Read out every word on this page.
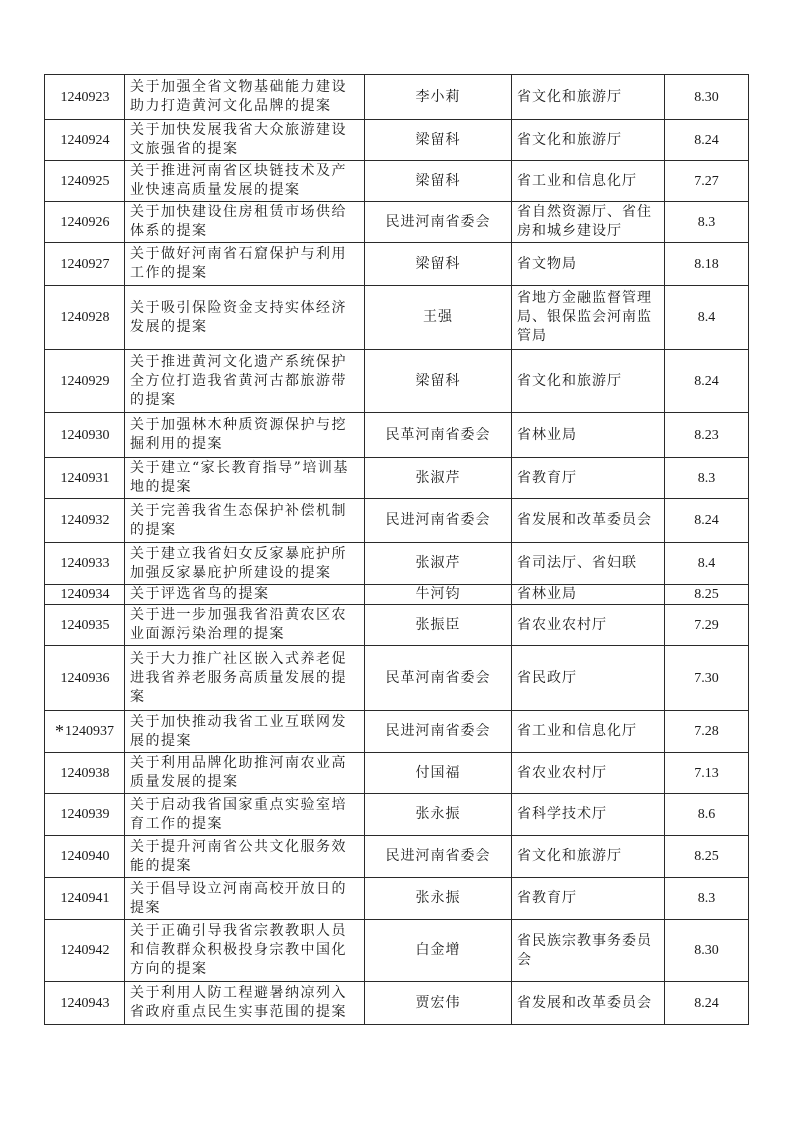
1240923	关于加强全省文物基础能力建设助力打造黄河文化品牌的提案	李小莉	省文化和旅游厅	8.30
1240924	关于加快发展我省大众旅游建设文旅强省的提案	梁留科	省文化和旅游厅	8.24
1240925	关于推进河南省区块链技术及产业快速高质量发展的提案	梁留科	省工业和信息化厅	7.27
1240926	关于加快建设住房租赁市场供给体系的提案	民进河南省委会	省自然资源厅、省住房和城乡建设厅	8.3
1240927	关于做好河南省石窟保护与利用工作的提案	梁留科	省文物局	8.18
1240928	关于吸引保险资金支持实体经济发展的提案	王强	省地方金融监督管理局、银保监会河南监管局	8.4
1240929	关于推进黄河文化遗产系统保护全方位打造我省黄河古都旅游带的提案	梁留科	省文化和旅游厅	8.24
1240930	关于加强林木种质资源保护与挖掘利用的提案	民革河南省委会	省林业局	8.23
1240931	关于建立“家长教育指导”培训基地的提案	张淑芹	省教育厅	8.3
1240932	关于完善我省生态保护补偿机制的提案	民进河南省委会	省发展和改革委员会	8.24
1240933	关于建立我省妇女反家暴庇护所加强反家暴庇护所建设的提案	张淑芹	省司法厅、省妇联	8.4
1240934	关于评选省鸟的提案	牛河钧	省林业局	8.25
1240935	关于进一步加强我省沿黄农区农业面源污染治理的提案	张振臣	省农业农村厅	7.29
1240936	关于大力推广社区嵌入式养老促进我省养老服务高质量发展的提案	民革河南省委会	省民政厅	7.30
*1240937	关于加快推动我省工业互联网发展的提案	民进河南省委会	省工业和信息化厅	7.28
1240938	关于利用品牌化助推河南农业高质量发展的提案	付国福	省农业农村厅	7.13
1240939	关于启动我省国家重点实验室培育工作的提案	张永振	省科学技术厅	8.6
1240940	关于提升河南省公共文化服务效能的提案	民进河南省委会	省文化和旅游厅	8.25
1240941	关于倡导设立河南高校开放日的提案	张永振	省教育厅	8.3
1240942	关于正确引导我省宗教教职人员和信教群众积极投身宗教中国化方向的提案	白金增	省民族宗教事务委员会	8.30
1240943	关于利用人防工程避暑纳凉列入省政府重点民生实事范围的提案	贾宏伟	省发展和改革委员会	8.24
